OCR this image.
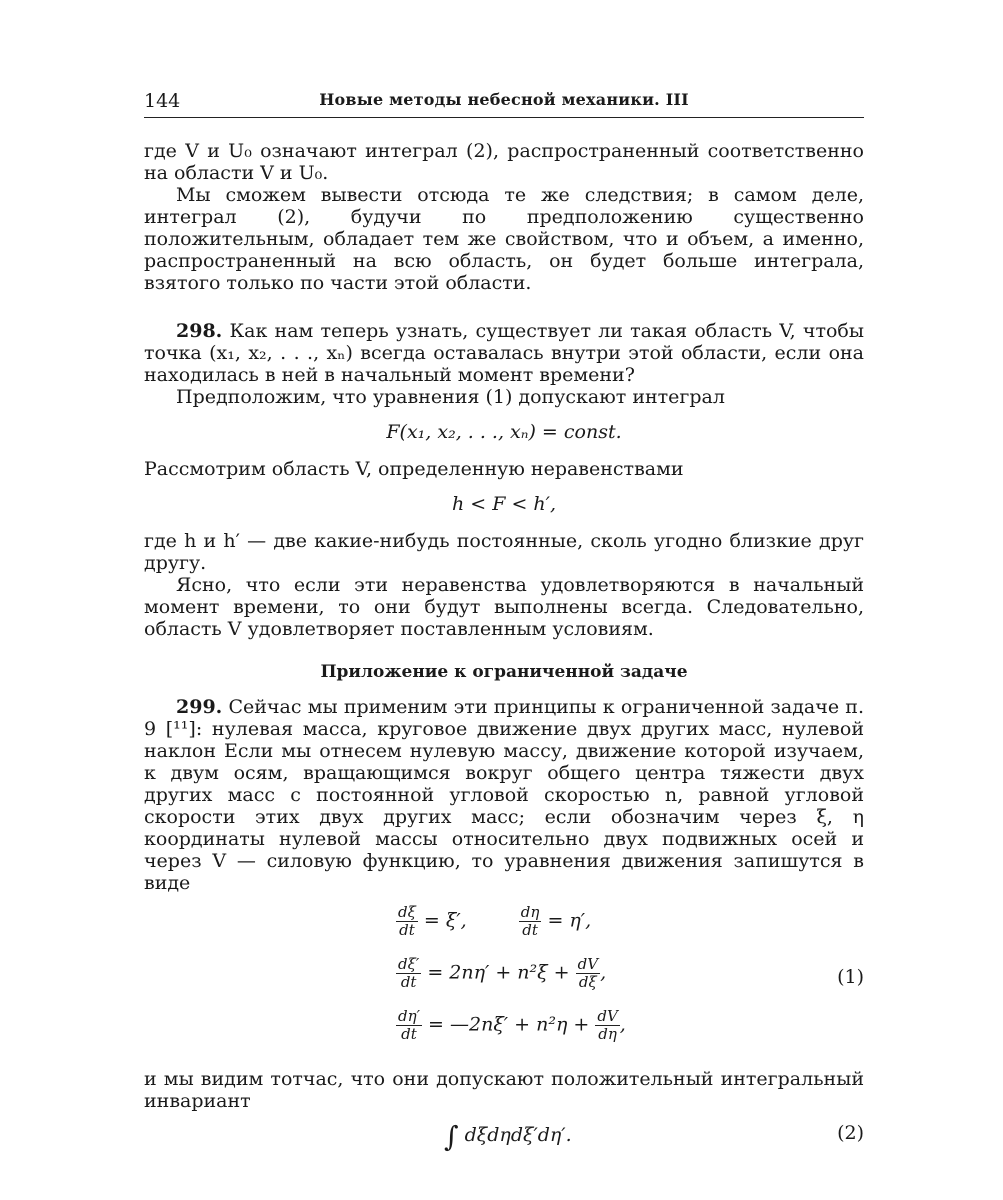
144	Новые методы небесной механики. III

где V и U₀ означают интеграл (2), распространенный соответственно на области V и U₀.

Мы сможем вывести отсюда те же следствия; в самом деле, интеграл (2), будучи по предположению существенно положительным, обладает тем же свойством, что и объем, а именно, распространенный на всю область, он будет больше интеграла, взятого только по части этой области.

298. Как нам теперь узнать, существует ли такая область V, чтобы точка (x₁, x₂, . . ., xₙ) всегда оставалась внутри этой области, если она находилась в ней в начальный момент времени?

Предположим, что уравнения (1) допускают интеграл

F(x₁, x₂, . . ., xₙ) = const.

Рассмотрим область V, определенную неравенствами

h < F < h′,

где h и h′ — две какие-нибудь постоянные, сколь угодно близкие друг другу.

Ясно, что если эти неравенства удовлетворяются в начальный момент времени, то они будут выполнены всегда. Следовательно, область V удовлетворяет поставленным условиям.

Приложение к ограниченной задаче

299. Сейчас мы применим эти принципы к ограниченной задаче п. 9 [¹¹]: нулевая масса, круговое движение двух других масс, нулевой наклон Если мы отнесем нулевую массу, движение которой изучаем, к двум осям, вращающимся вокруг общего центра тяжести двух других масс с постоянной угловой скоростью n, равной угловой скорости этих двух других масс; если обозначим через ξ, η координаты нулевой массы относительно двух подвижных осей и через V — силовую функцию, то уравнения движения запишутся в виде

$\frac{d\xi}{dt} = \xi'$,	$\frac{d\eta}{dt} = \eta'$,
$\frac{d\xi'}{dt} = 2n\eta' + n^2\xi + \frac{dV}{d\xi}$ ,	(1)
$\frac{d\eta'}{dt}$ = —2nξ′ + $n^2\eta + \frac{dV}{d\eta}$ ,

и мы видим тотчас, что они допускают положительный интегральный инвариант

∫ dξdηdξ′dη′.	(2)
